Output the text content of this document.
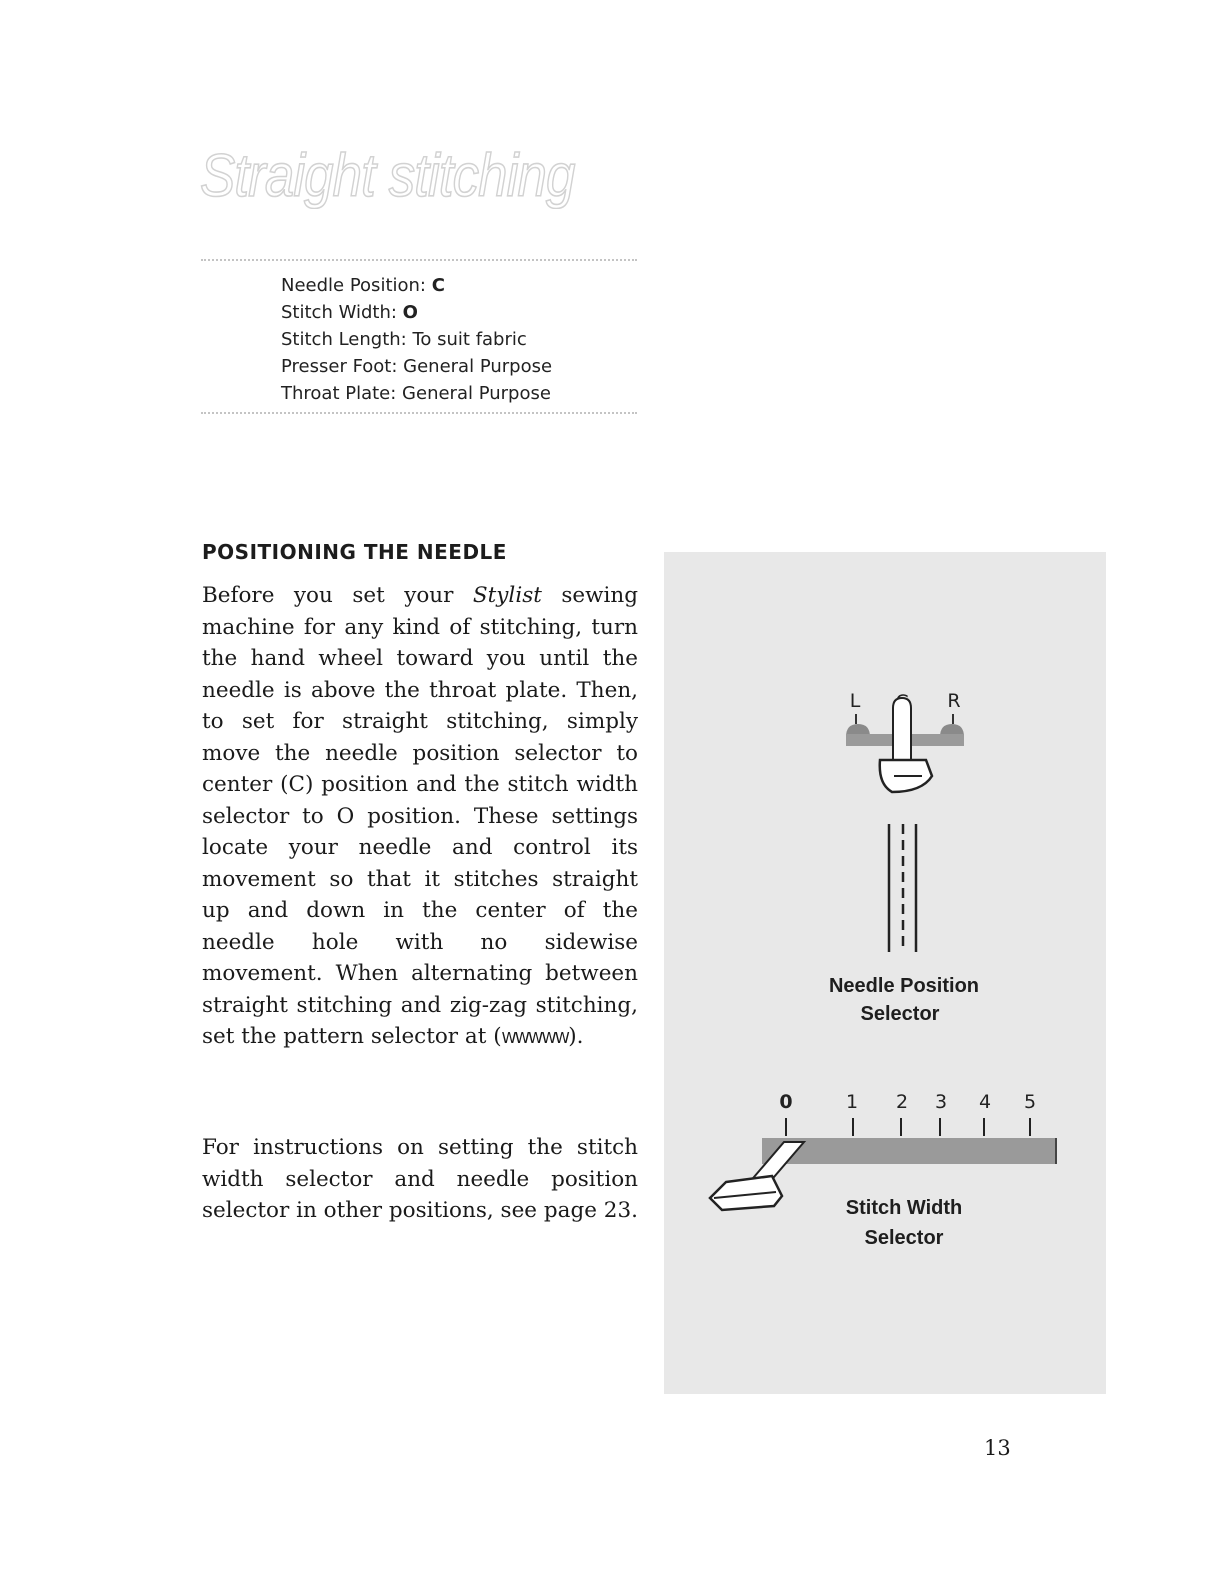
Straight stitching
Needle Position: C
Stitch Width: O
Stitch Length: To suit fabric
Presser Foot: General Purpose
Throat Plate: General Purpose
POSITIONING THE NEEDLE

Before you set your Stylist sewing machine for any kind of stitching, turn the hand wheel toward you until the needle is above the throat plate. Then, to set for straight stitching, simply move the needle position selector to center (C) position and the stitch width selector to O position. These settings locate your needle and control its movement so that it stitches straight up and down in the center of the needle hole with no sidewise movement. When alternating between straight stitching and zig-zag stitching, set the pattern selector at (WWWWW).

For instructions on setting the stitch width selector and needle position selector in other positions, see page 23.

L	R
Needle Position
Selector
0	1 2 3 4 5
Stitch Width
Selector
13
